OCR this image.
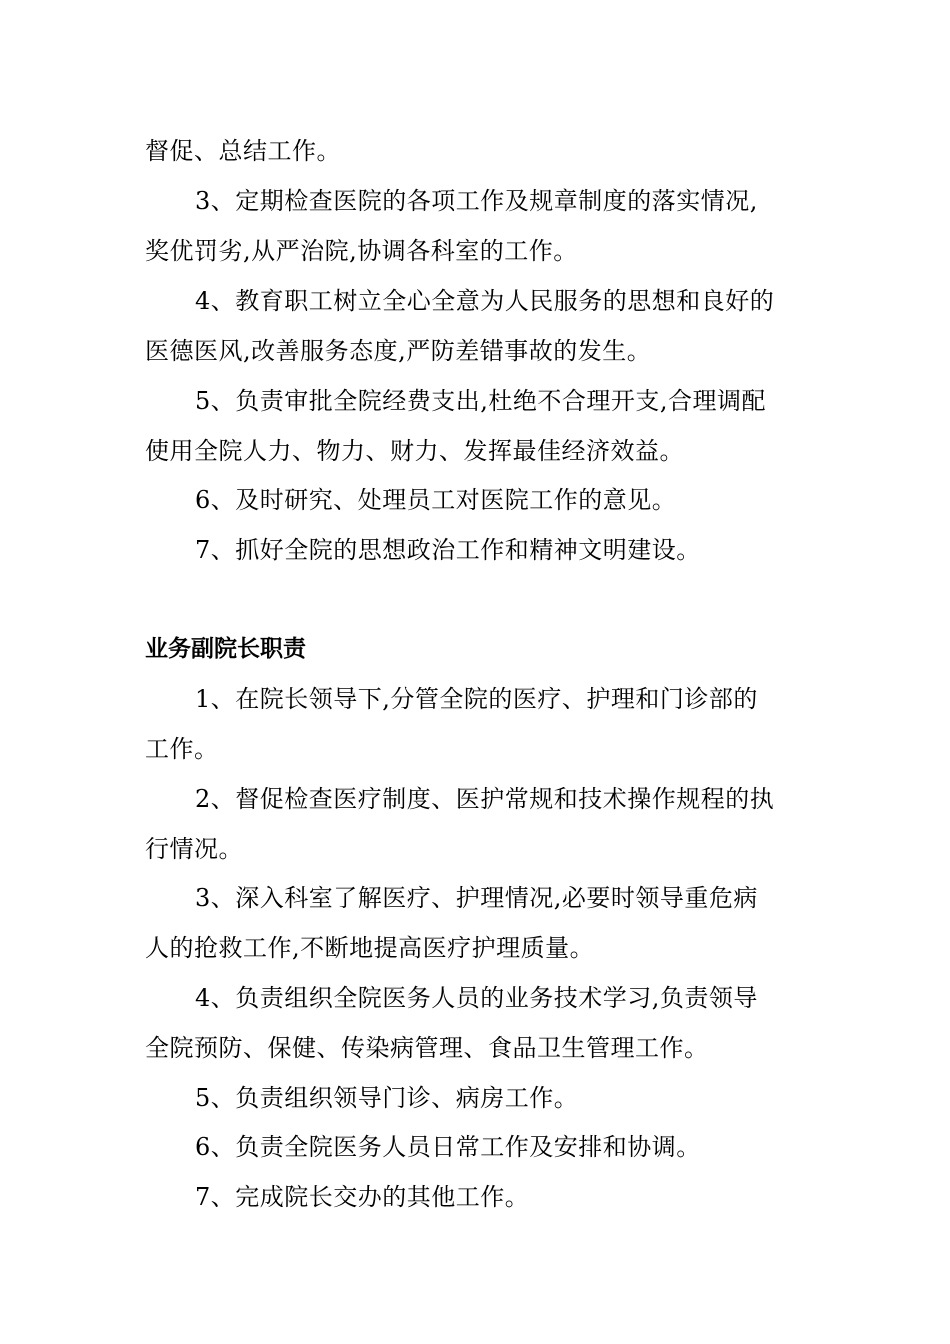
督促、总结工作。
3、定期检查医院的各项工作及规章制度的落实情况,
奖优罚劣,从严治院,协调各科室的工作。
4、教育职工树立全心全意为人民服务的思想和良好的
医德医风,改善服务态度,严防差错事故的发生。
5、负责审批全院经费支出,杜绝不合理开支,合理调配
使用全院人力、物力、财力、发挥最佳经济效益。
6、及时研究、处理员工对医院工作的意见。
7、抓好全院的思想政治工作和精神文明建设。
业务副院长职责
1、在院长领导下,分管全院的医疗、护理和门诊部的
工作。
2、督促检查医疗制度、医护常规和技术操作规程的执
行情况。
3、深入科室了解医疗、护理情况,必要时领导重危病
人的抢救工作,不断地提高医疗护理质量。
4、负责组织全院医务人员的业务技术学习,负责领导
全院预防、保健、传染病管理、食品卫生管理工作。
5、负责组织领导门诊、病房工作。
6、负责全院医务人员日常工作及安排和协调。
7、完成院长交办的其他工作。
